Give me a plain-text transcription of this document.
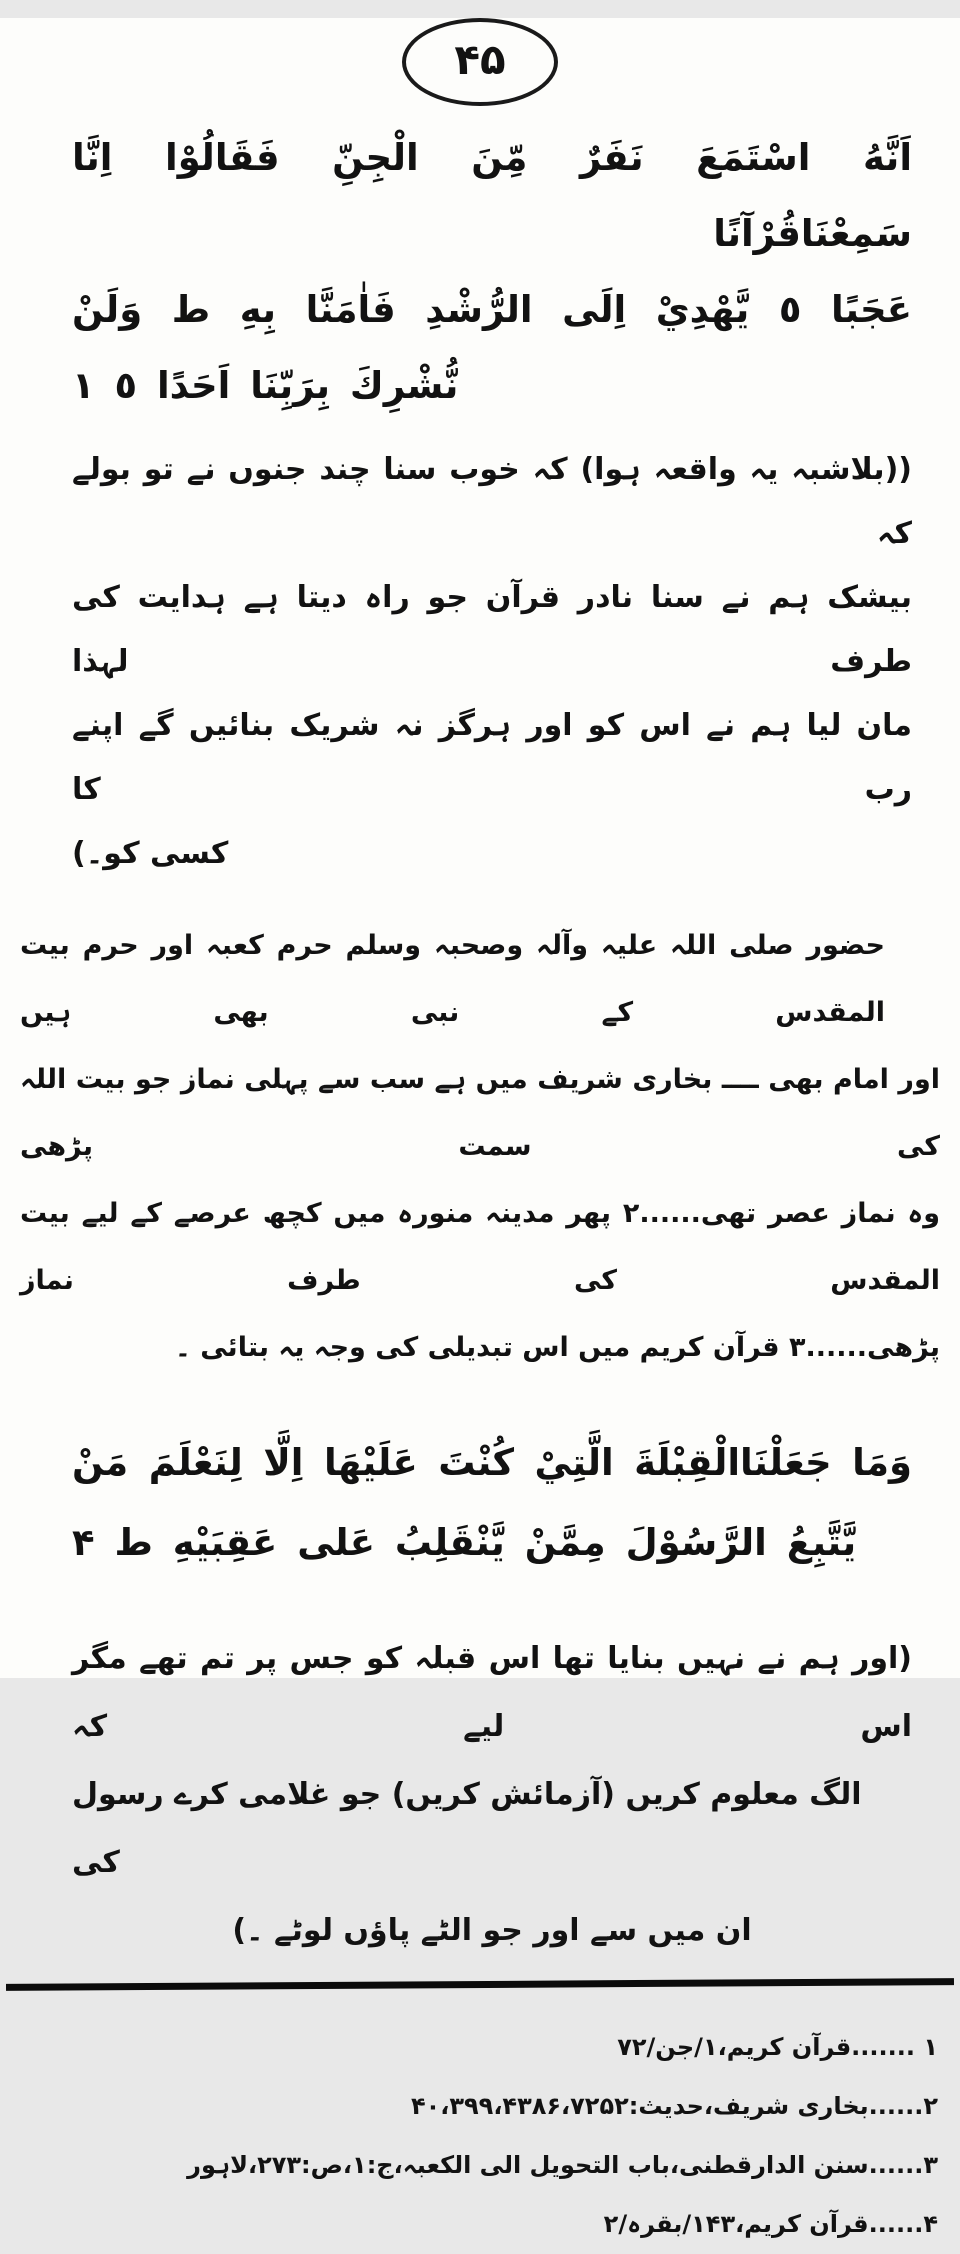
۴۵
اَنَّهُ اسْتَمَعَ نَفَرٌ مِّنَ الْجِنِّ فَقَالُوْا اِنَّا سَمِعْنَاقُرْآنًا
عَجَبًا ٥ يَّهْدِيْ اِلَى الرُّشْدِ فَاٰمَنَّا بِهِ ط وَلَنْ
نُّشْرِكَ بِرَبِّنَا اَحَدًا ٥ ۱
((بلاشبہ یہ واقعہ ہوا) کہ خوب سنا چند جنوں نے تو بولے کہ
بیشک ہم نے سنا نادر قرآن جو راہ دیتا ہے ہدایت کی طرف لہذا
مان لیا ہم نے اس کو اور ہرگز نہ شریک بنائیں گے اپنے رب کا
کسی کو۔)
حضور صلی اللہ علیہ وآلہ وصحبہ وسلم حرم کعبہ اور حرم بیت المقدس کے نبی بھی ہیں
اور امام بھی ــــ بخاری شریف میں ہے سب سے پہلی نماز جو بیت اللہ کی سمت پڑھی
وہ نماز عصر تھی......۲ پھر مدینہ منورہ میں کچھ عرصے کے لیے بیت المقدس کی طرف نماز
پڑھی......۳ قرآن کریم میں اس تبدیلی کی وجہ یہ بتائی ۔
وَمَا جَعَلْنَاالْقِبْلَةَ الَّتِيْ كُنْتَ عَلَيْهَا اِلَّا لِنَعْلَمَ مَنْ
يَّتَّبِعُ الرَّسُوْلَ مِمَّنْ يَّنْقَلِبُ عَلى عَقِبَيْهِ ط ۴
(اور ہم نے نہیں بنایا تھا اس قبلہ کو جس پر تم تھے مگر اس لیے کہ
الگ معلوم کریں (آزمائش کریں) جو غلامی کرے رسول کی
ان میں سے اور جو الٹے پاؤں لوٹے ۔)
۱ .......قرآن کریم،۱/جن/۷۲
۲......بخاری شریف،حدیث:۴۰،۳۹۹،۴۳۸۶،۷۲۵۲
۳......سنن الدارقطنی،باب التحویل الی الکعبہ،ج:۱،ص:۲۷۳،لاہور
۴......قرآن کریم،۱۴۳/بقرہ/۲
